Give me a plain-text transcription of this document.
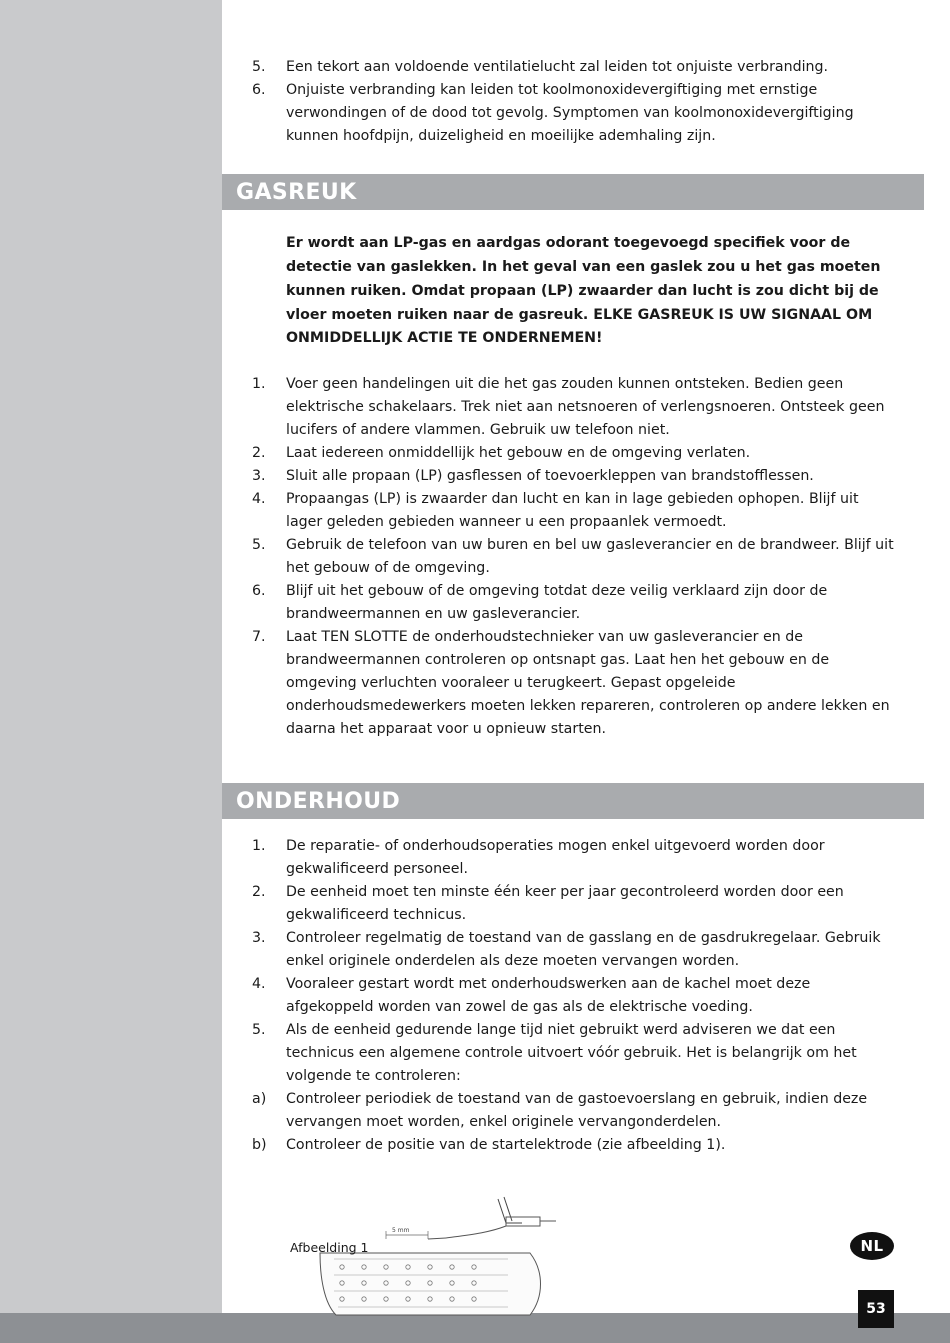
5.	Een tekort aan voldoende ventilatielucht zal leiden tot onjuiste verbranding.
6.	Onjuiste verbranding kan leiden tot koolmonoxidevergiftiging met ernstige verwondingen of de dood tot gevolg. Symptomen van koolmonoxidevergiftiging kunnen hoofdpijn, duizeligheid en moeilijke ademhaling zijn.
GASREUK
Er wordt aan LP-gas en aardgas odorant toegevoegd specifiek voor de detectie van gaslekken. In het geval van een gaslek zou u het gas moeten kunnen ruiken. Omdat propaan (LP) zwaarder dan lucht is zou dicht bij de vloer moeten ruiken naar de gasreuk. ELKE GASREUK IS UW SIGNAAL OM ONMIDDELLIJK ACTIE TE ONDERNEMEN!
1.	Voer geen handelingen uit die het gas zouden kunnen ontsteken. Bedien geen elektrische schakelaars. Trek niet aan netsnoeren of verlengsnoeren. Ontsteek geen lucifers of andere vlammen. Gebruik uw telefoon niet.
2.	Laat iedereen onmiddellijk het gebouw en de omgeving verlaten.
3.	Sluit alle propaan (LP) gasflessen of toevoerkleppen van brandstofflessen.
4.	Propaangas (LP) is zwaarder dan lucht en kan in lage gebieden ophopen. Blijf uit lager geleden gebieden wanneer u een propaanlek vermoedt.
5.	Gebruik de telefoon van uw buren en bel uw gasleverancier en de brandweer. Blijf uit het gebouw of de omgeving.
6.	Blijf uit het gebouw of de omgeving totdat deze veilig verklaard zijn door de brandweermannen en uw gasleverancier.
7.	Laat TEN SLOTTE de onderhoudstechnieker van uw gasleverancier en de brandweermannen controleren op ontsnapt gas. Laat hen het gebouw en de omgeving verluchten vooraleer u terugkeert. Gepast opgeleide onderhoudsmedewerkers moeten lekken repareren, controleren op andere lekken en daarna het apparaat voor u opnieuw starten.
ONDERHOUD
1.	De reparatie- of onderhoudsoperaties mogen enkel uitgevoerd worden door gekwalificeerd personeel.
2.	De eenheid moet ten minste één keer per jaar gecontroleerd worden door een gekwalificeerd technicus.
3.	Controleer regelmatig de toestand van de gasslang en de gasdrukregelaar. Gebruik enkel originele onderdelen als deze moeten vervangen worden.
4.	Vooraleer gestart wordt met onderhoudswerken aan de kachel moet deze afgekoppeld worden van zowel de gas als de elektrische voeding.
5.	Als de eenheid gedurende lange tijd niet gebruikt werd adviseren we dat een technicus een algemene controle uitvoert vóór gebruik. Het is belangrijk om het volgende te controleren:
a)	Controleer periodiek de toestand van de gastoevoerslang en gebruik, indien deze vervangen moet worden, enkel originele vervangonderdelen.
b)	Controleer de positie van de startelektrode (zie afbeelding 1).
5 mm
Afbeelding 1	NL
53
